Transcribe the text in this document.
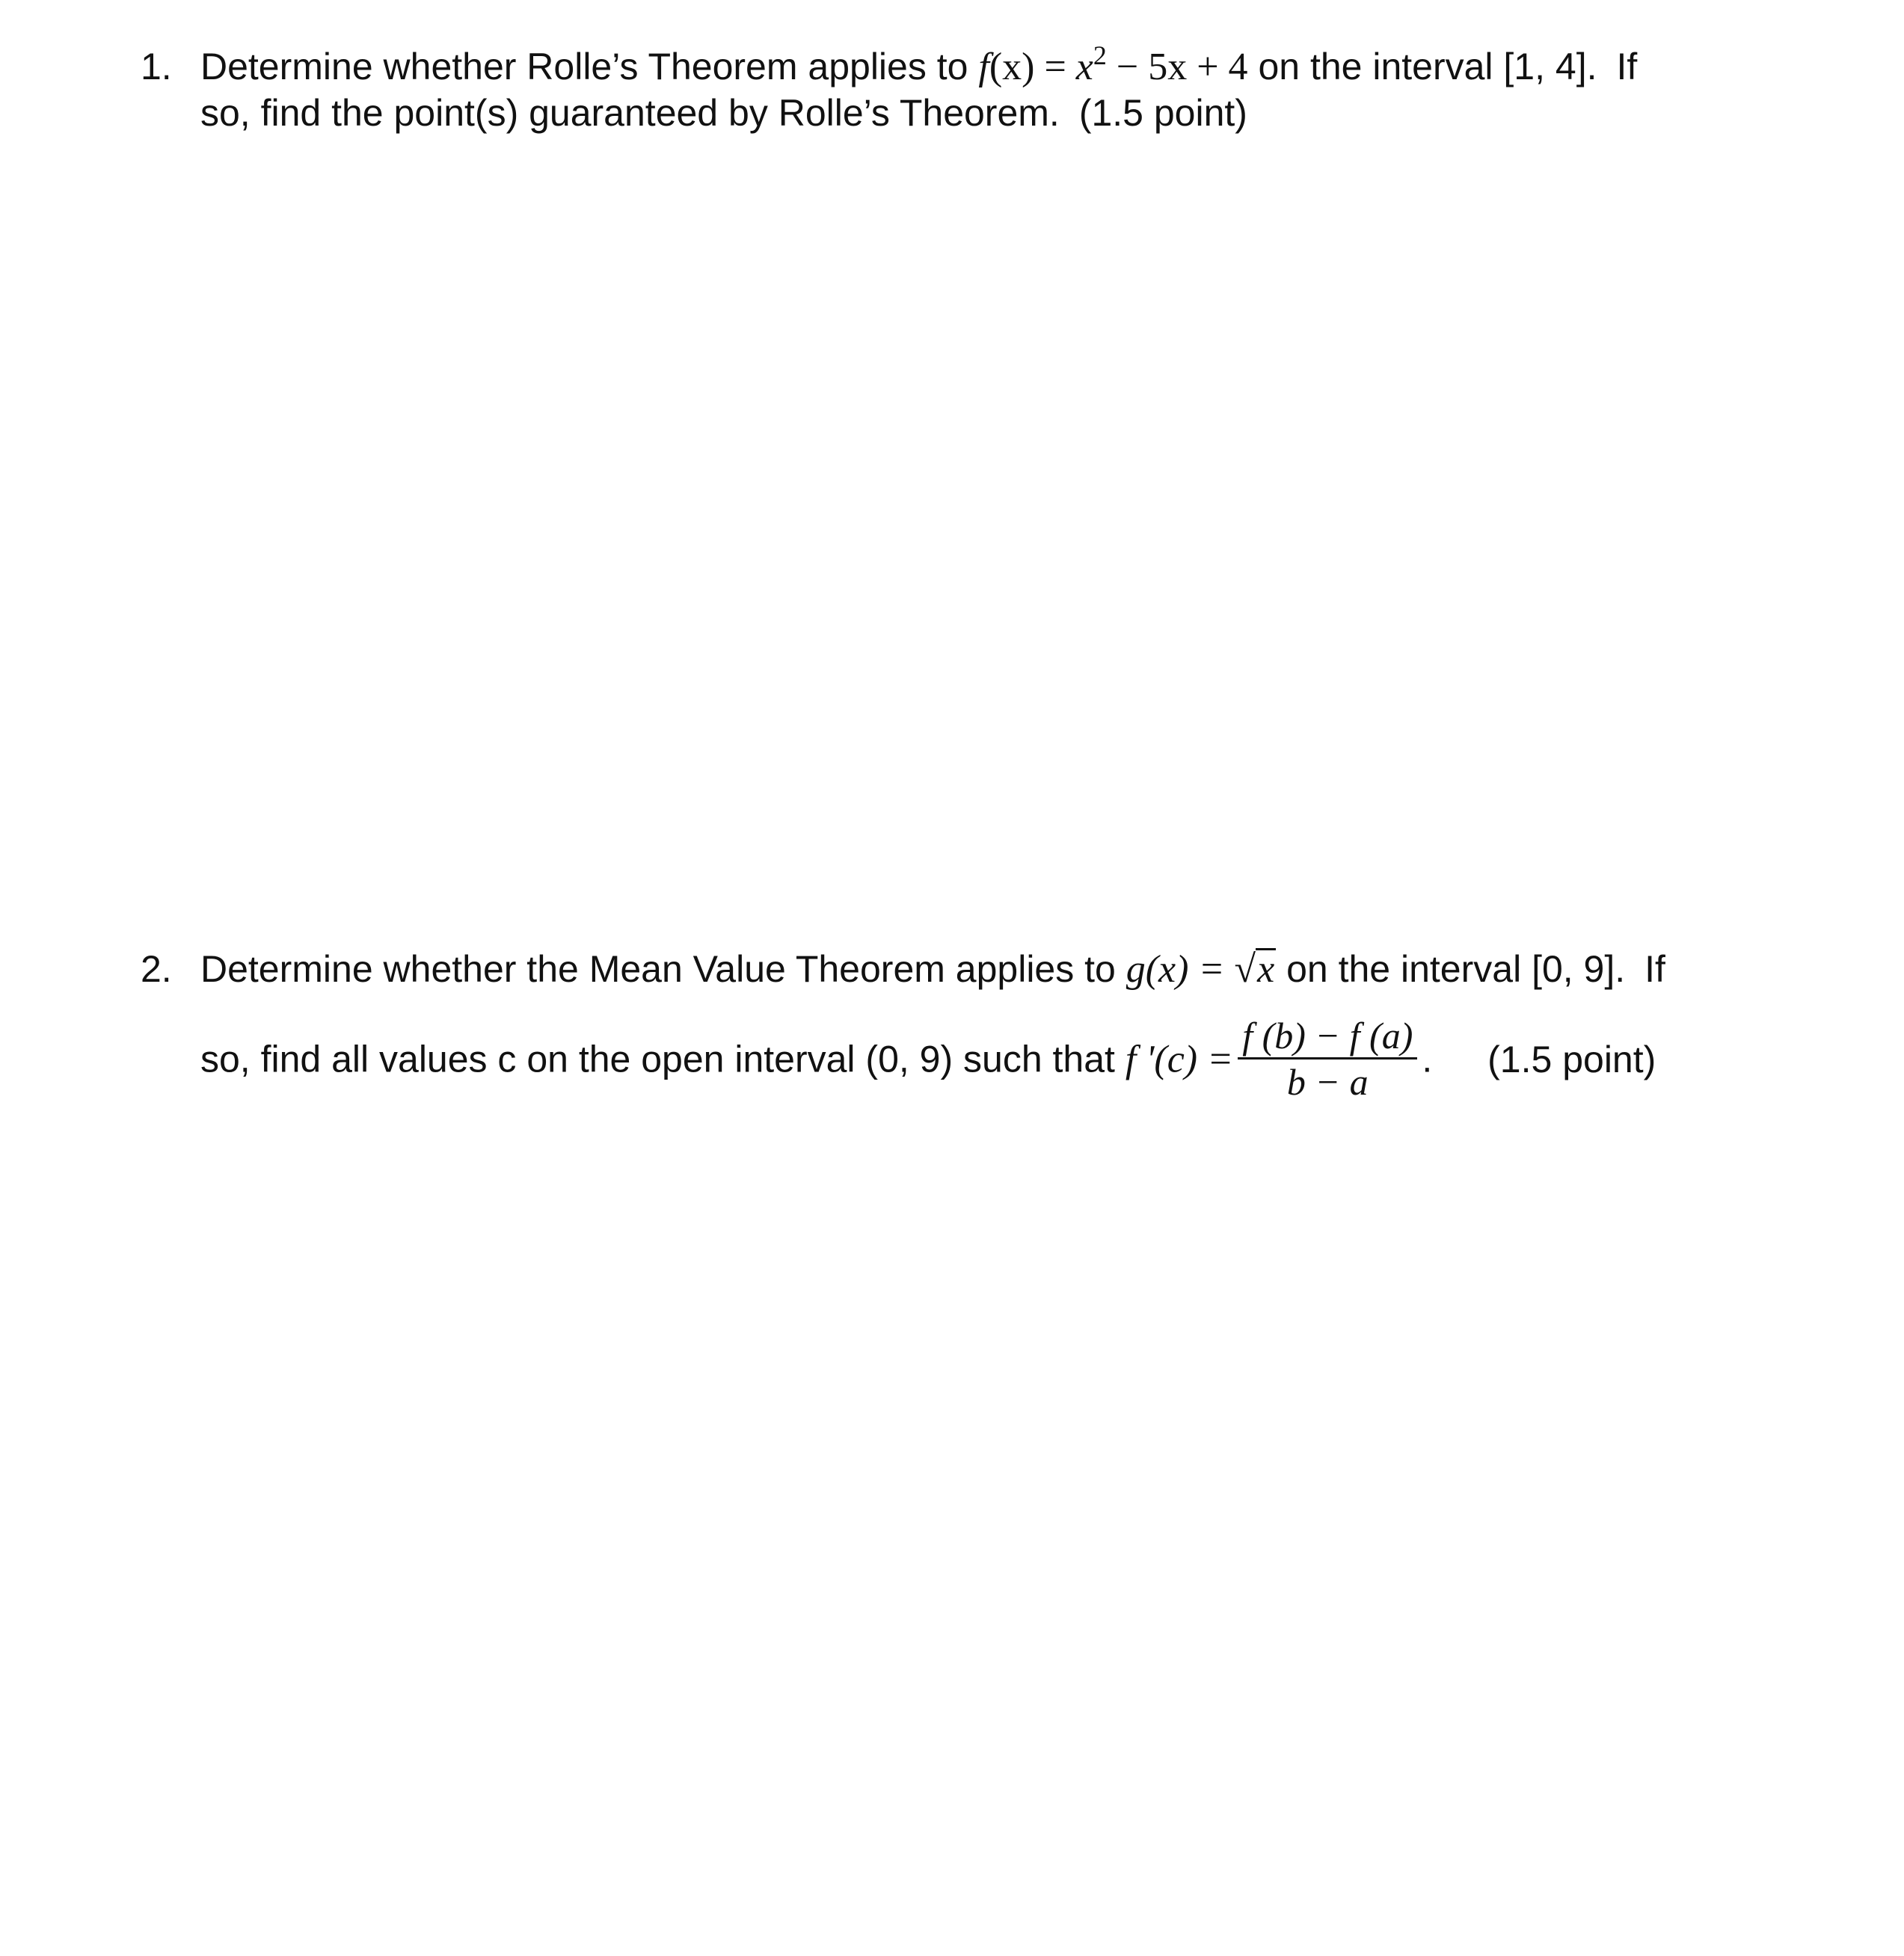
1. Determine whether Rolle’s Theorem applies to $f(x) = x^2 - 5x + 4$ on the interval [1, 4]. If
so, find the point(s) guaranteed by Rolle’s Theorem. (1.5 point)
2. Determine whether the Mean Value Theorem applies to g(x) = √x on the interval [0, 9]. If
so, find all values c on the open interval (0, 9) such that f '$(c) = \frac{f (b) - f (a)}{b - a}$ . (1.5 point)
